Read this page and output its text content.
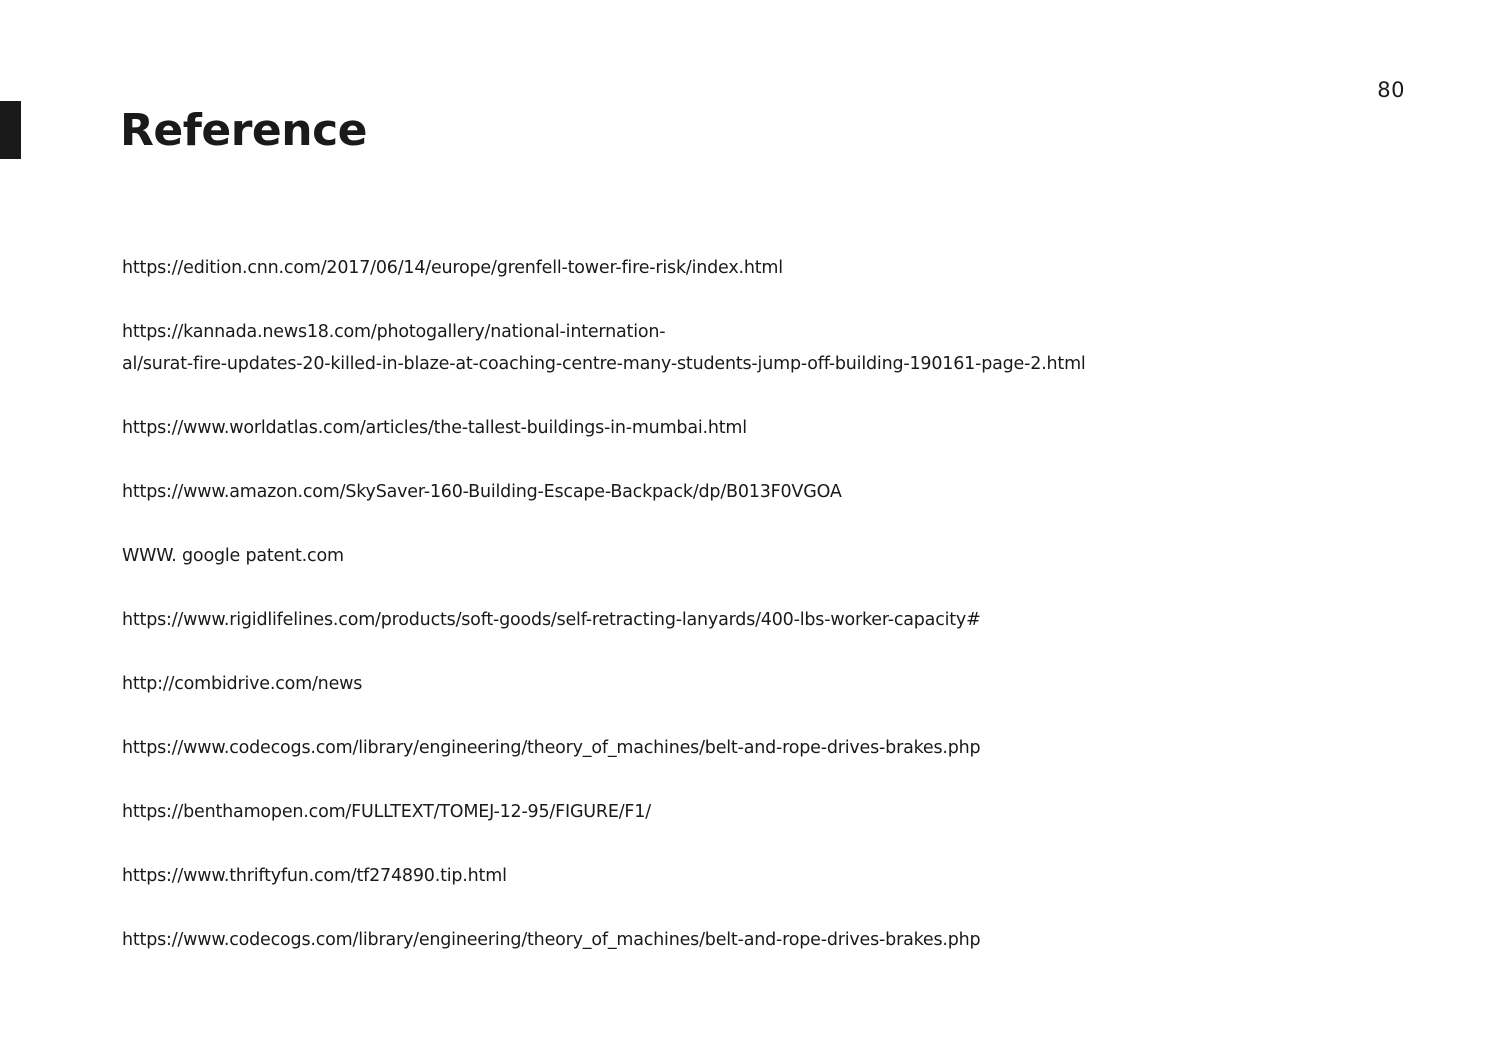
80
Reference
https://edition.cnn.com/2017/06/14/europe/grenfell-tower-fire-risk/index.html
https://kannada.news18.com/photogallery/national-internation-
al/surat-fire-updates-20-killed-in-blaze-at-coaching-centre-many-students-jump-off-building-190161-page-2.html
https://www.worldatlas.com/articles/the-tallest-buildings-in-mumbai.html
https://www.amazon.com/SkySaver-160-Building-Escape-Backpack/dp/B013F0VGOA
WWW. google patent.com
https://www.rigidlifelines.com/products/soft-goods/self-retracting-lanyards/400-lbs-worker-capacity#
http://combidrive.com/news
https://www.codecogs.com/library/engineering/theory_of_machines/belt-and-rope-drives-brakes.php
https://benthamopen.com/FULLTEXT/TOMEJ-12-95/FIGURE/F1/
https://www.thriftyfun.com/tf274890.tip.html
https://www.codecogs.com/library/engineering/theory_of_machines/belt-and-rope-drives-brakes.php
